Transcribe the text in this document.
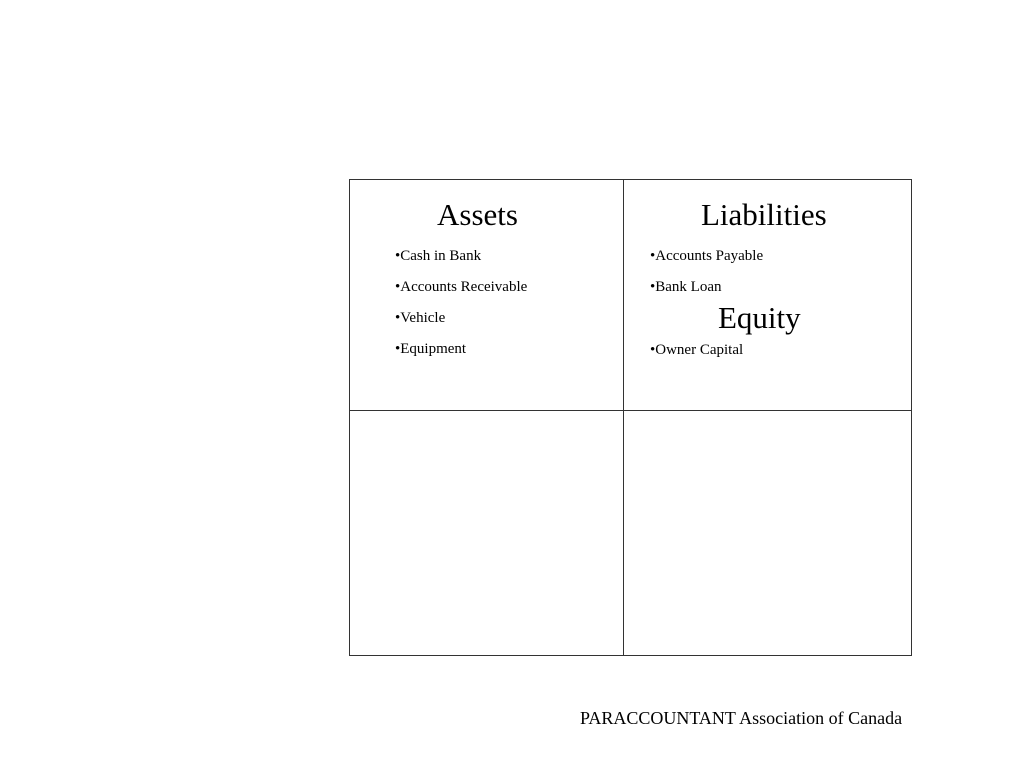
Assets
•Cash in Bank
•Accounts Receivable
•Vehicle
•Equipment
Liabilities
•Accounts Payable
•Bank Loan
Equity
•Owner Capital
PARACCOUNTANT Association of Canada
